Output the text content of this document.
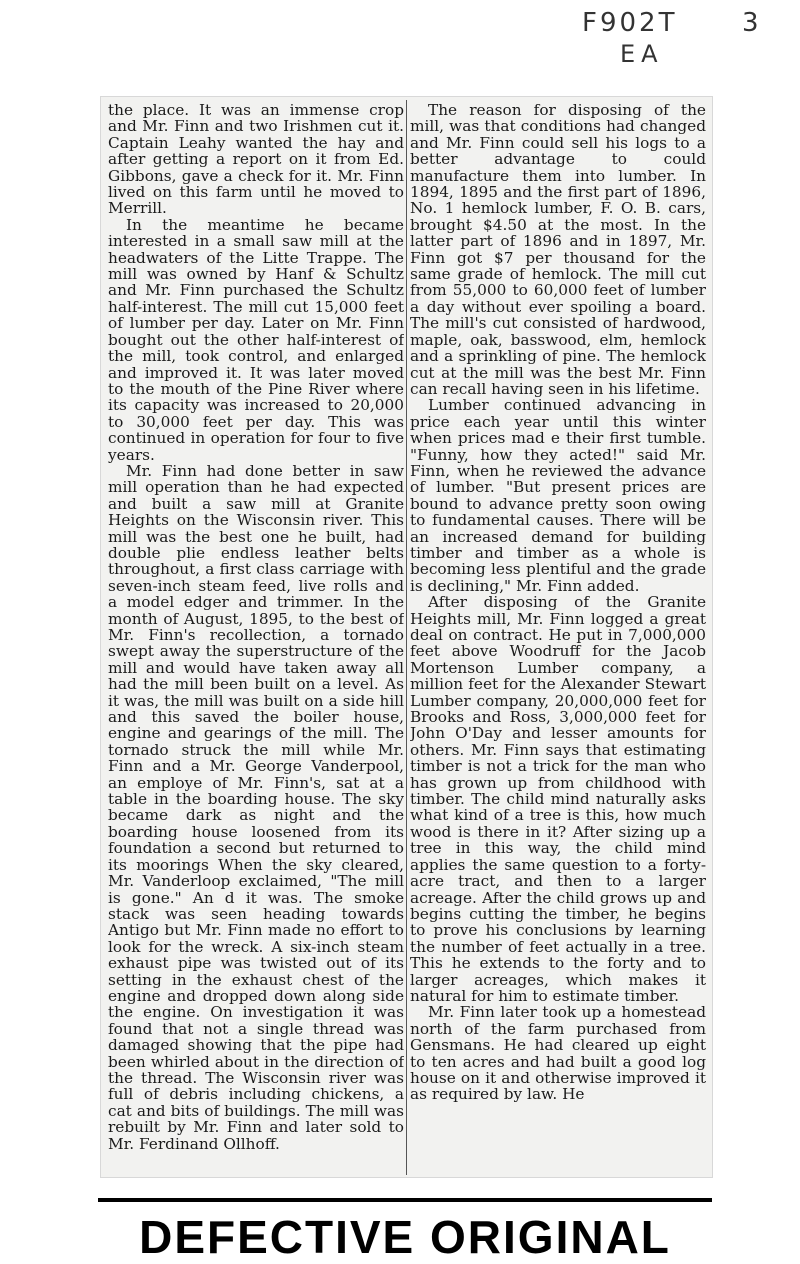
F902T
EA
3

the place. It was an immense crop and Mr. Finn and two Irishmen cut it. Captain Leahy wanted the hay and after getting a report on it from Ed. Gibbons, gave a check for it. Mr. Finn lived on this farm until he moved to Merrill.

In the meantime he became interested in a small saw mill at the headwaters of the Litte Trappe. The mill was owned by Hanf & Schultz and Mr. Finn purchased the Schultz half-interest. The mill cut 15,000 feet of lumber per day. Later on Mr. Finn bought out the other half-interest of the mill, took control, and enlarged and improved it. It was later moved to the mouth of the Pine River where its capacity was increased to 20,000 to 30,000 feet per day. This was continued in operation for four to five years.

Mr. Finn had done better in saw mill operation than he had expected and built a saw mill at Granite Heights on the Wisconsin river. This mill was the best one he built, had double plie endless leather belts throughout, a first class carriage with seven-inch steam feed, live rolls and a model edger and trimmer. In the month of August, 1895, to the best of Mr. Finn's recollection, a tornado swept away the superstructure of the mill and would have taken away all had the mill been built on a level. As it was, the mill was built on a side hill and this saved the boiler house, engine and gearings of the mill. The tornado struck the mill while Mr. Finn and a Mr. George Vanderpool, an employe of Mr. Finn's, sat at a table in the boarding house. The sky became dark as night and the boarding house loosened from its foundation a second but returned to its moorings When the sky cleared, Mr. Vanderloop exclaimed, "The mill is gone." An d it was. The smoke stack was seen heading towards Antigo but Mr. Finn made no effort to look for the wreck. A six-inch steam exhaust pipe was twisted out of its setting in the exhaust chest of the engine and dropped down along side the engine. On investigation it was found that not a single thread was damaged showing that the pipe had been whirled about in the direction of the thread. The Wisconsin river was full of debris including chickens, a cat and bits of buildings. The mill was rebuilt by Mr. Finn and later sold to Mr. Ferdinand Ollhoff.

The reason for disposing of the mill, was that conditions had changed and Mr. Finn could sell his logs to a better advantage to could manufacture them into lumber. In 1894, 1895 and the first part of 1896, No. 1 hemlock lumber, F. O. B. cars, brought $4.50 at the most. In the latter part of 1896 and in 1897, Mr. Finn got $7 per thousand for the same grade of hemlock. The mill cut from 55,000 to 60,000 feet of lumber a day without ever spoiling a board. The mill's cut consisted of hardwood, maple, oak, basswood, elm, hemlock and a sprinkling of pine. The hemlock cut at the mill was the best Mr. Finn can recall having seen in his lifetime.

Lumber continued advancing in price each year until this winter when prices mad e their first tumble. "Funny, how they acted!" said Mr. Finn, when he reviewed the advance of lumber. "But present prices are bound to advance pretty soon owing to fundamental causes. There will be an increased demand for building timber and timber as a whole is becoming less plentiful and the grade is declining," Mr. Finn added.

After disposing of the Granite Heights mill, Mr. Finn logged a great deal on contract. He put in 7,000,000 feet above Woodruff for the Jacob Mortenson Lumber company, a million feet for the Alexander Stewart Lumber company, 20,000,000 feet for Brooks and Ross, 3,000,000 feet for John O'Day and lesser amounts for others. Mr. Finn says that estimating timber is not a trick for the man who has grown up from childhood with timber. The child mind naturally asks what kind of a tree is this, how much wood is there in it? After sizing up a tree in this way, the child mind applies the same question to a forty-acre tract, and then to a larger acreage. After the child grows up and begins cutting the timber, he begins to prove his conclusions by learning the number of feet actually in a tree. This he extends to the forty and to larger acreages, which makes it natural for him to estimate timber.

Mr. Finn later took up a homestead north of the farm purchased from Gensmans. He had cleared up eight to ten acres and had built a good log house on it and otherwise improved it as required by law. He

DEFECTIVE ORIGINAL
